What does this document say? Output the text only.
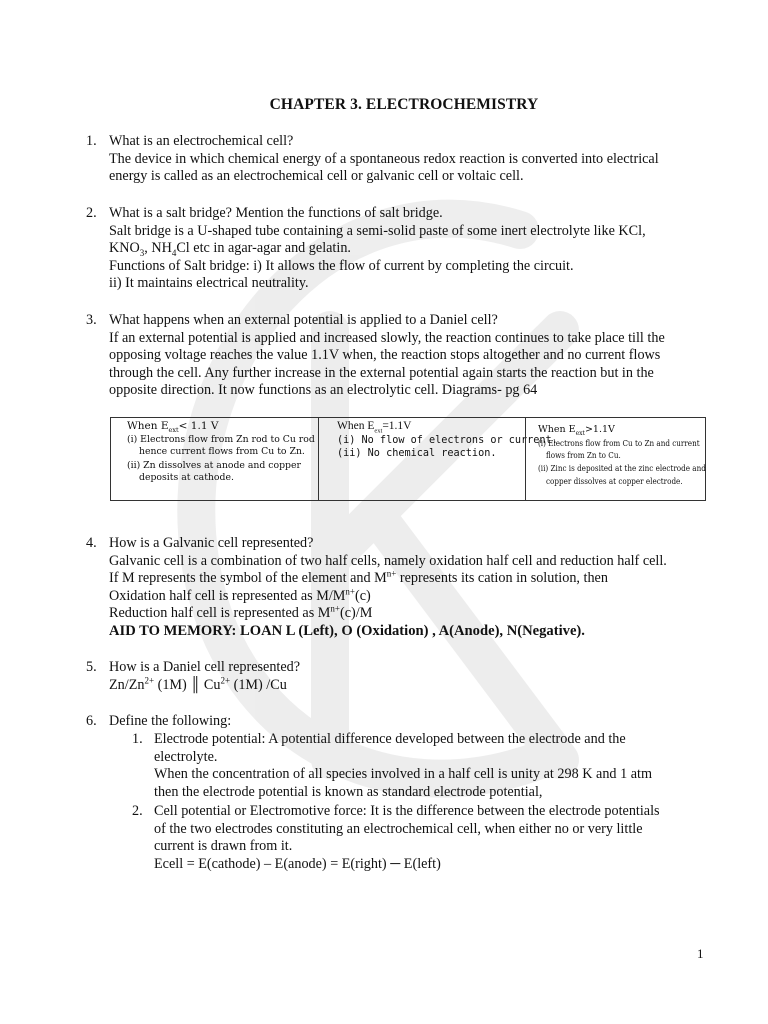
CHAPTER 3. ELECTROCHEMISTRY
1. What is an electrochemical cell?
The device in which chemical energy of a spontaneous redox reaction is converted into electrical
energy is called as an electrochemical cell or galvanic cell or voltaic cell.
2. What is a salt bridge? Mention the functions of salt bridge.
Salt bridge is a U-shaped tube containing a semi-solid paste of some inert electrolyte like KCl,
$KNO_3$, $NH_4Cl$ etc in agar-agar and gelatin.
Functions of Salt bridge: i) It allows the flow of current by completing the circuit.
ii) It maintains electrical neutrality.
3. What happens when an external potential is applied to a Daniel cell?
If an external potential is applied and increased slowly, the reaction continues to take place till the
opposing voltage reaches the value 1.1V when, the reaction stops altogether and no current flows
through the cell. Any further increase in the external potential again starts the reaction but in the
opposite direction. It now functions as an electrolytic cell. Diagrams- pg 64
When $E_{ext}< 1.1$ V
(i) Electrons flow from Zn rod to Cu rod
hence current flows from Cu to Zn.
(ii) Zn dissolves at anode and copper
deposits at cathode.
When $E_{ext}=1.1V$
(i) No flow of electrons or current.
(ii) No chemical reaction.
When $E_{ext}>1.1V$
(i) Electrons flow from Cu to Zn and current
flows from Zn to Cu.
(ii) Zinc is deposited at the zinc electrode and
copper dissolves at copper electrode.
4. How is a Galvanic cell represented?
Galvanic cell is a combination of two half cells, namely oxidation half cell and reduction half cell.
If M represents the symbol of the element and $M^{n+}$ represents its cation in solution, then
Oxidation half cell is represented as $M/M^{n+}(c)$
Reduction half cell is represented as $M^{n+}(c)/M$
AID TO MEMORY: LOAN L (Left), O (Oxidation) , A(Anode), N(Negative).
5. How is a Daniel cell represented?
$Zn/Zn^{2+}$ (1M) ║ $Cu^{2+}$ (1M) /Cu
6. Define the following:
1. Electrode potential: A potential difference developed between the electrode and the
electrolyte.
When the concentration of all species involved in a half cell is unity at 298 K and 1 atm
then the electrode potential is known as standard electrode potential,
2. Cell potential or Electromotive force: It is the difference between the electrode potentials
of the two electrodes constituting an electrochemical cell, when either no or very little
current is drawn from it.
Ecell = E(cathode) – E(anode) = E(right) ─ E(left)
1
